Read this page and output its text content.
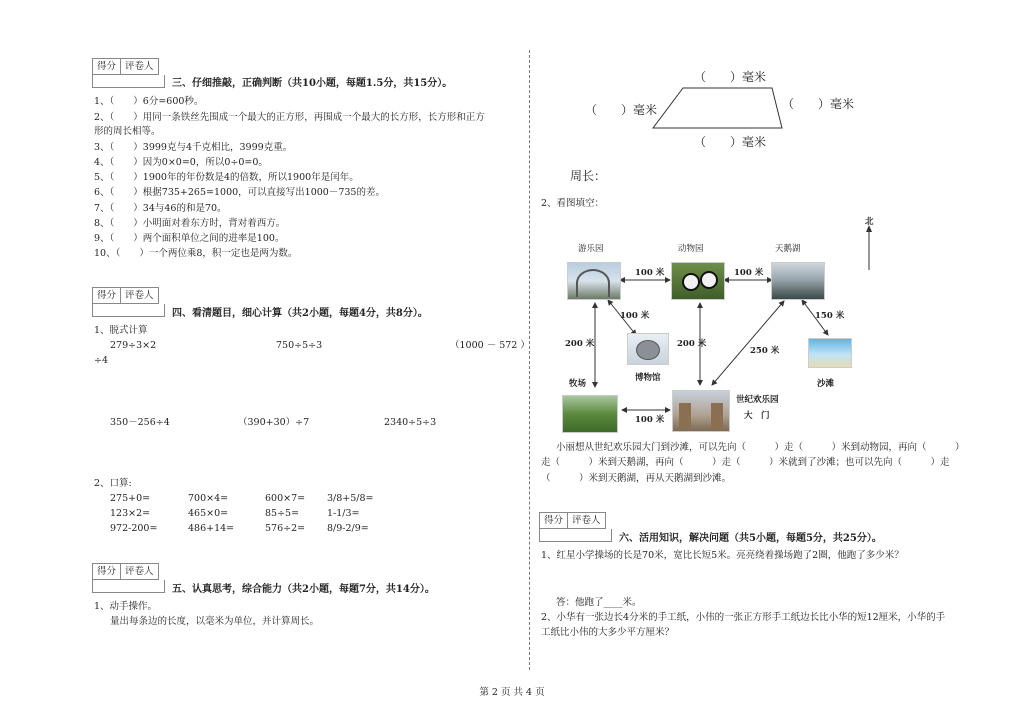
得分 评卷人
三、仔细推敲，正确判断（共10小题，每题1.5分，共15分）。
1、（　　）6分=600秒。
2、（　　）用同一条铁丝先围成一个最大的正方形，再围成一个最大的长方形，长方形和正方
形的周长相等。
3、（　　）3999克与4千克相比，3999克重。
4、（　　）因为0×0=0，所以0÷0=0。
5、（　　）1900年的年份数是4的倍数，所以1900年是闰年。
6、（　　）根据735+265=1000，可以直接写出1000－735的差。
7、（　　）34与46的和是70。
8、（　　）小明面对着东方时，背对着西方。
9、（　　）两个面积单位之间的进率是100。
10、（　　）一个两位乘8，积一定也是两为数。
得分 评卷人
四、看清题目，细心计算（共2小题，每题4分，共8分）。
1、脱式计算
279÷3×2	750÷5÷3	（1000 － 572 ）
÷4
350－256÷4	（390+30）÷7	2340÷5÷3
2、口算:
275+0=	700×4=	600×7= 3/8+5/8=
123×2=	465×0=	85÷5=	1-1/3=
972-200=	486+14=	576÷2= 8/9-2/9=
得分 评卷人
五、认真思考，综合能力（共2小题，每题7分，共14分）。
1、动手操作。
量出每条边的长度，以毫米为单位，并计算周长。
（　　）毫米
（　　）毫米	（　　）毫米
（　　）毫米
周长：
2、看图填空：
北
游乐园	动物园	天鹅湖
博物馆
沙滩
牧场
世纪欢乐园
大　门
100 米	100 米
100 米
200 米	200 米
250 米
150 米
100 米
小丽想从世纪欢乐园大门到沙滩，可以先向（　　　）走（　　　）米到动物园，再向（　　　）
走（　　　）米到天鹅湖，再向（　　　）走（　　　）米就到了沙滩；也可以先向（　　　）走
（　　　）米到天鹅湖，再从天鹅湖到沙滩。
得分 评卷人
六、活用知识，解决问题（共5小题，每题5分，共25分）。
1、红星小学操场的长是70米，宽比长短5米。亮亮绕着操场跑了2圈，他跑了多少米？
答：他跑了____米。
2、小华有一张边长4分米的手工纸，小伟的一张正方形手工纸边长比小华的短12厘米，小华的手
工纸比小伟的大多少平方厘米？
第 2 页 共 4 页
